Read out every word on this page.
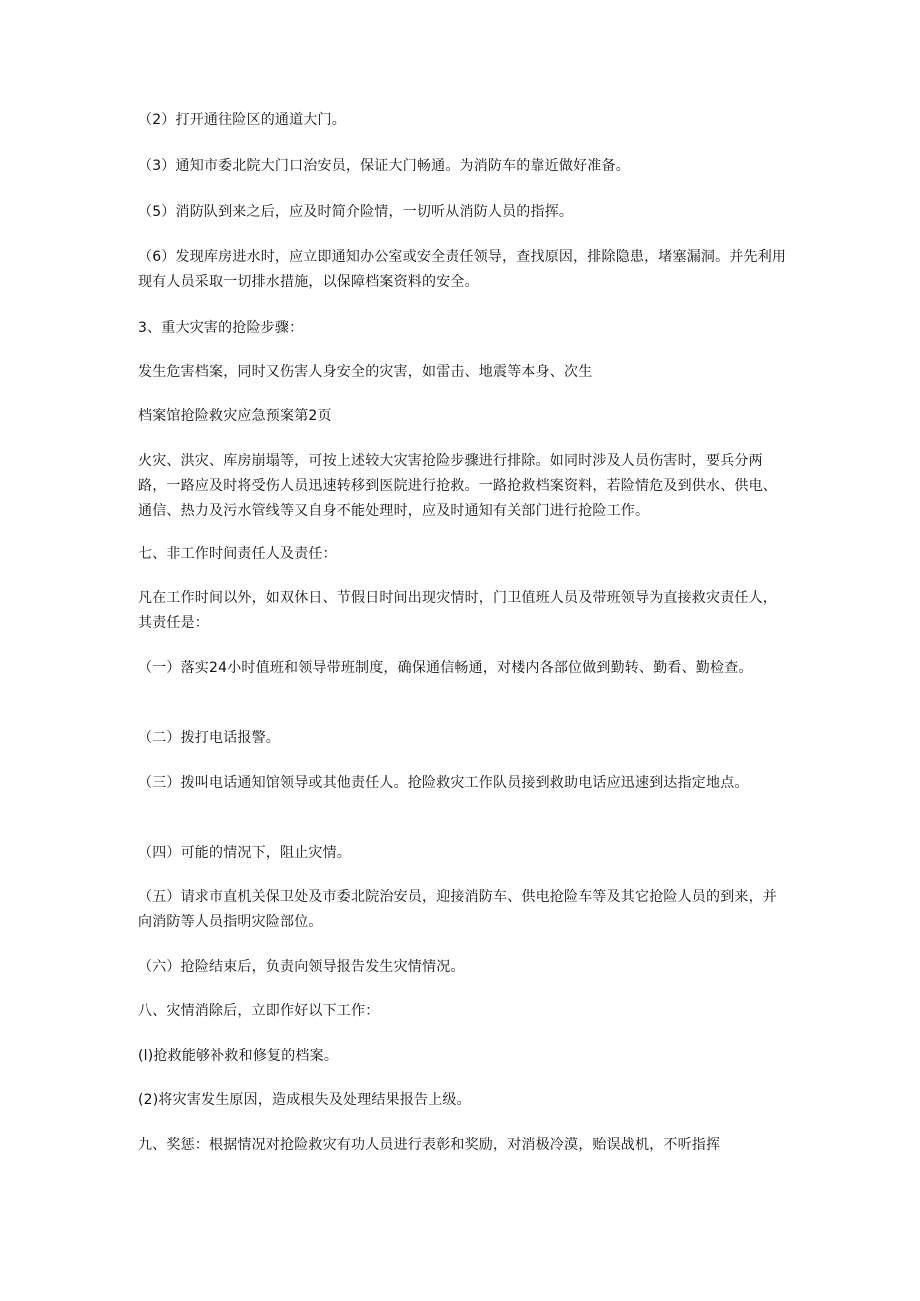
（2）打开通往险区的通道大门。

（3）通知市委北院大门口治安员，保证大门畅通。为消防车的靠近做好准备。

（5）消防队到来之后，应及时简介险情，一切听从消防人员的指挥。

（6）发现库房进水时，应立即通知办公室或安全责任领导，查找原因，排除隐患，堵塞漏洞。并先利用现有人员采取一切排水措施，以保障档案资料的安全。

3、重大灾害的抢险步骤：

发生危害档案，同时又伤害人身安全的灾害，如雷击、地震等本身、次生

档案馆抢险救灾应急预案第2页

火灾、洪灾、库房崩塌等，可按上述较大灾害抢险步骤进行排除。如同时涉及人员伤害时，要兵分两路，一路应及时将受伤人员迅速转移到医院进行抢救。一路抢救档案资料，若险情危及到供水、供电、通信、热力及污水管线等又自身不能处理时，应及时通知有关部门进行抢险工作。

七、非工作时间责任人及责任：

凡在工作时间以外，如双休日、节假日时间出现灾情时，门卫值班人员及带班领导为直接救灾责任人，其责任是：

（一）落实24小时值班和领导带班制度，确保通信畅通，对楼内各部位做到勤转、勤看、勤检查。

（二）拨打电话报警。

（三）拨叫电话通知馆领导或其他责任人。抢险救灾工作队员接到救助电话应迅速到达指定地点。

（四）可能的情况下，阻止灾情。

（五）请求市直机关保卫处及市委北院治安员，迎接消防车、供电抢险车等及其它抢险人员的到来，并向消防等人员指明灾险部位。

（六）抢险结束后，负责向领导报告发生灾情情况。

八、灾情消除后，立即作好以下工作：

(l)抢救能够补救和修复的档案。

(2)将灾害发生原因，造成根失及处理结果报告上级。

九、奖惩：根据情况对抢险救灾有功人员进行表彰和奖励，对消极冷漠，贻误战机，不听指挥
